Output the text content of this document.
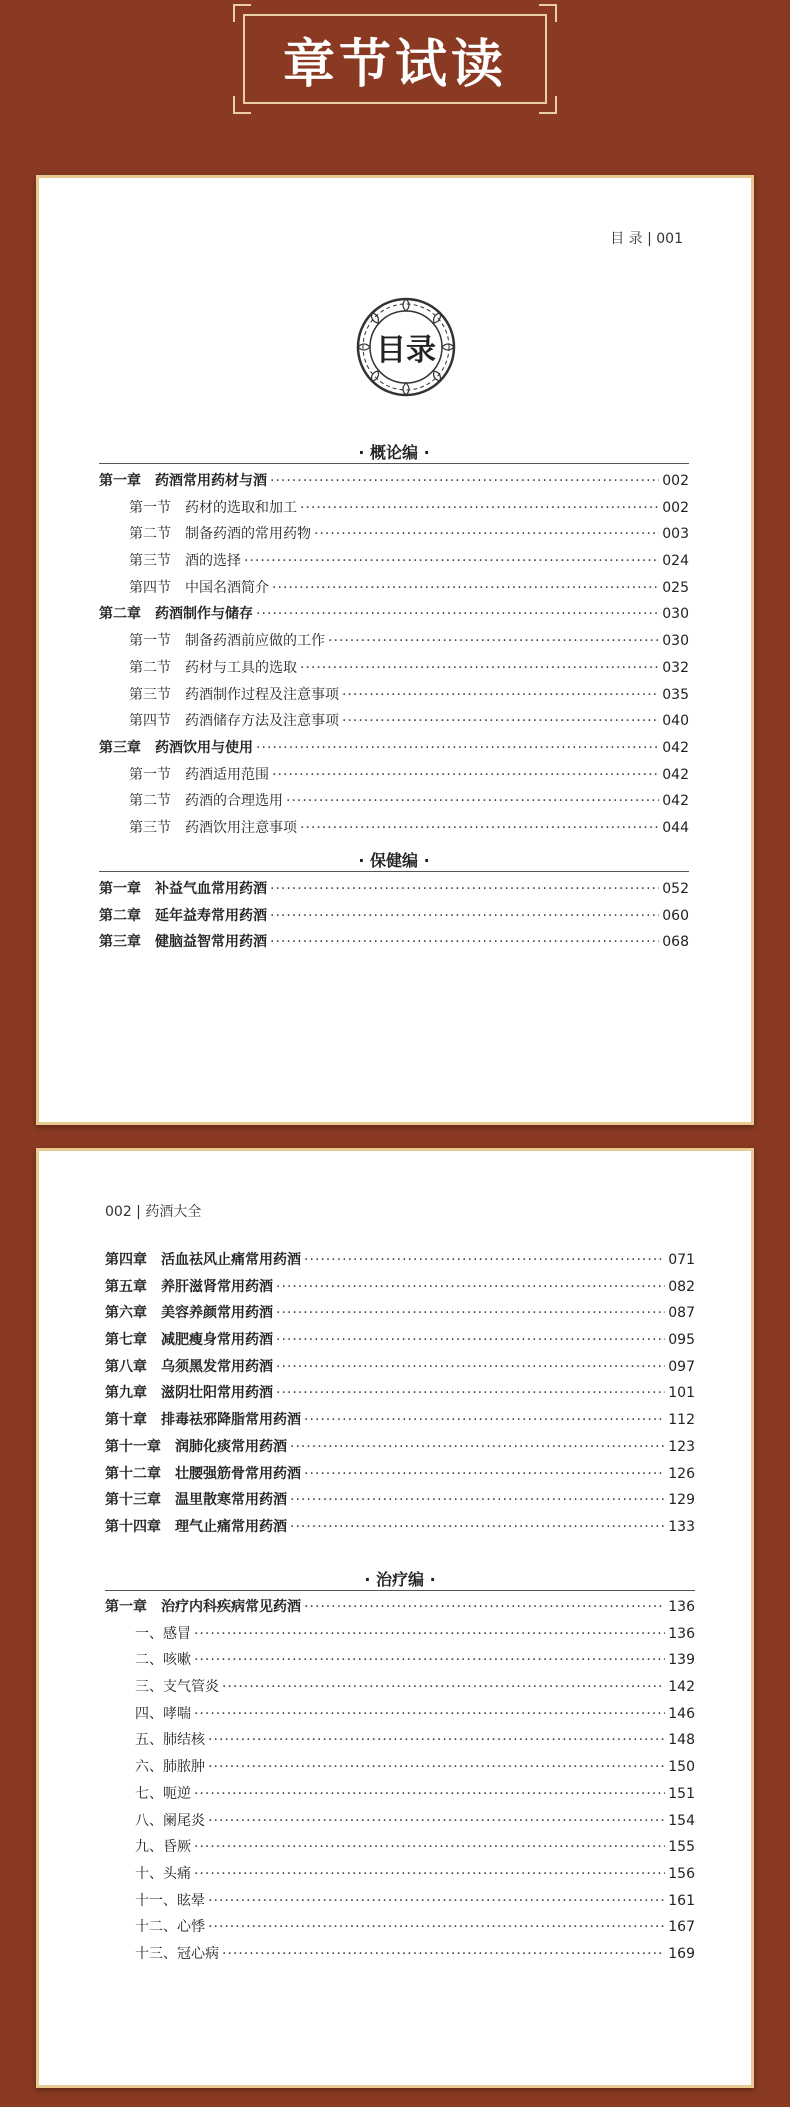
章节试读
目 录 | 001
目录
· 概论编 ·
第一章	药酒常用药材与酒 ·····	002
第一节	药材的选取和加工 ·····	002
第二节	制备药酒的常用药物 ·····	003
第三节	酒的选择 ·····	024
第四节	中国名酒简介 ·····	025
第二章	药酒制作与储存 ·····	030
第一节	制备药酒前应做的工作 ·····	030
第二节	药材与工具的选取 ·····	032
第三节	药酒制作过程及注意事项 ·····	035
第四节	药酒储存方法及注意事项 ·····	040
第三章	药酒饮用与使用 ·····	042
第一节	药酒适用范围 ·····	042
第二节	药酒的合理选用 ·····	042
第三节	药酒饮用注意事项 ·····	044
· 保健编 ·
第一章	补益气血常用药酒 ·····	052
第二章	延年益寿常用药酒 ·····	060
第三章	健脑益智常用药酒 ·····	068
002 | 药酒大全
第四章	活血祛风止痛常用药酒 ·····	071
第五章	养肝滋肾常用药酒 ·····	082
第六章	美容养颜常用药酒 ·····	087
第七章	减肥瘦身常用药酒 ·····	095
第八章	乌须黑发常用药酒 ·····	097
第九章	滋阴壮阳常用药酒 ·····	101
第十章	排毒祛邪降脂常用药酒 ·····	112
第十一章	润肺化痰常用药酒 ·····	123
第十二章	壮腰强筋骨常用药酒 ·····	126
第十三章	温里散寒常用药酒 ·····	129
第十四章	理气止痛常用药酒 ·····	133
· 治疗编 ·
第一章	治疗内科疾病常见药酒 ·····	136
一、感冒 ·····	136
二、咳嗽 ·····	139
三、支气管炎 ·····	142
四、哮喘 ·····	146
五、肺结核 ·····	148
六、肺脓肿 ·····	150
七、呃逆 ·····	151
八、阑尾炎 ·····	154
九、昏厥 ·····	155
十、头痛 ·····	156
十一、眩晕 ·····	161
十二、心悸 ·····	167
十三、冠心病 ·····	169
